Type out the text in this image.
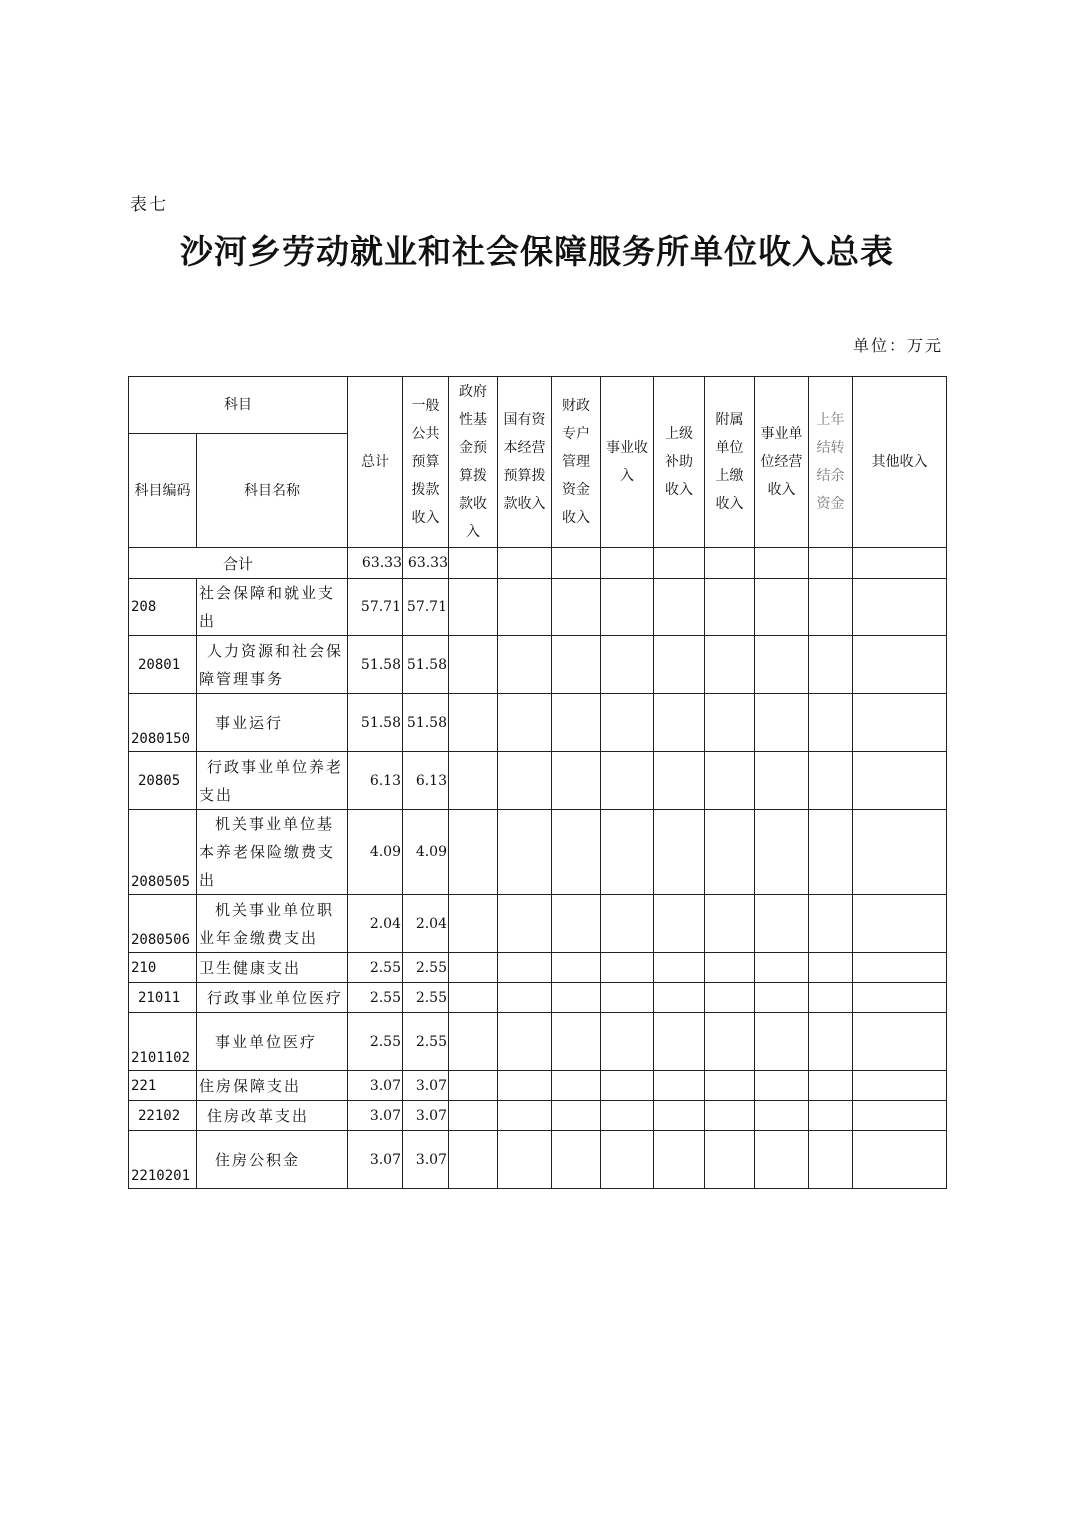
表七
沙河乡劳动就业和社会保障服务所单位收入总表
单位：万元
科目		总计	一般公共预算拨款收入	政府性基金预算拨款收入	国有资本经营预算拨款收入	财政专户管理资金收入	事业收入	上级补助收入	附属单位上缴收入	事业单位经营收入	上年结转结余资金	其他收入
科目编码	科目名称											
合计		63.33	63.33									
208	社会保障和就业支出	57.71	57.71									
20801	人力资源和社会保障管理事务	51.58	51.58									
2080150	事业运行	51.58	51.58									
20805	行政事业单位养老支出	6.13	6.13									
2080505	机关事业单位基本养老保险缴费支出	4.09	4.09									
2080506	机关事业单位职业年金缴费支出	2.04	2.04									
210	卫生健康支出	2.55	2.55									
21011	行政事业单位医疗	2.55	2.55									
2101102	事业单位医疗	2.55	2.55									
221	住房保障支出	3.07	3.07									
22102	住房改革支出	3.07	3.07									
2210201	住房公积金	3.07	3.07									
